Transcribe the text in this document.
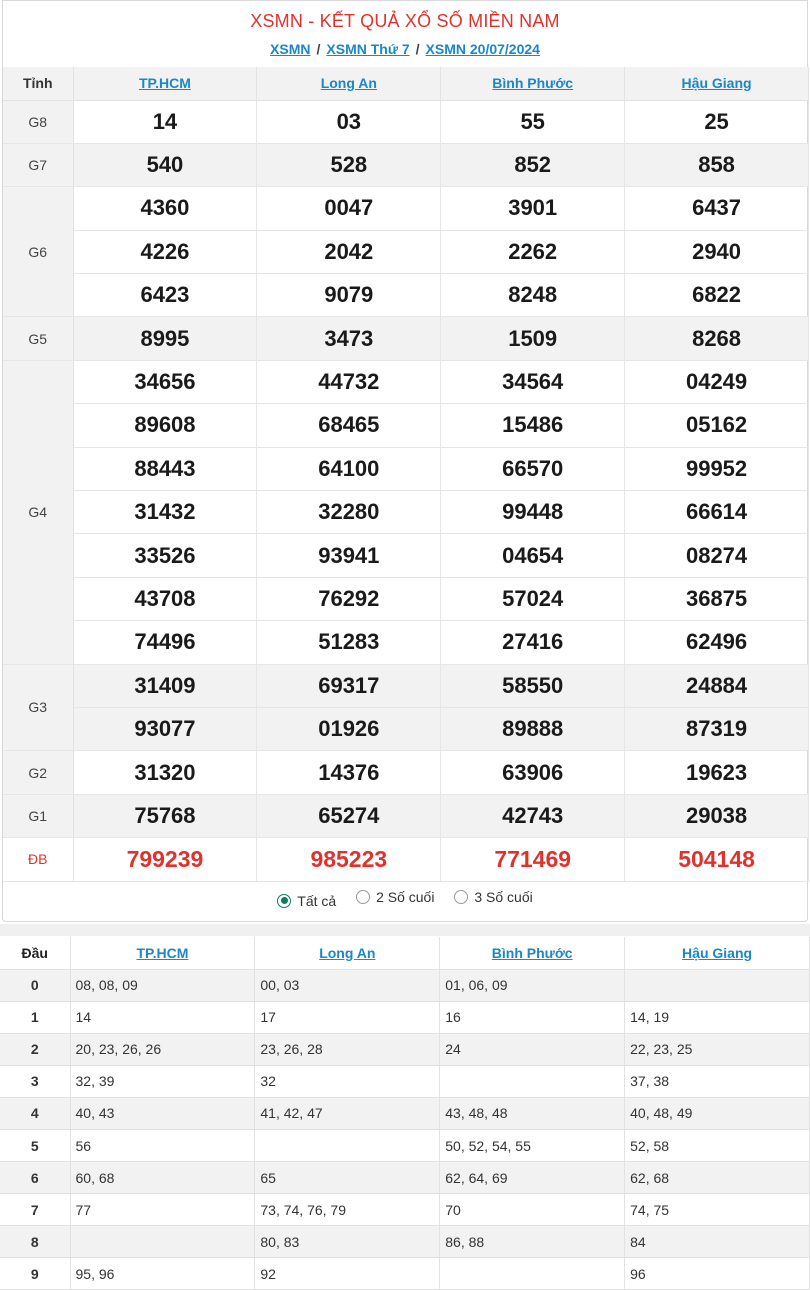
XSMN - KẾT QUẢ XỔ SỐ MIỀN NAM
XSMN / XSMN Thứ 7 / XSMN 20/07/2024
Tỉnh	TP.HCM	Long An	Bình Phước	Hậu Giang
G8	14	03	55	25
G7	540	528	852	858
G6	4360	0047	3901	6437
	4226	2042	2262	2940
	6423	9079	8248	6822
G5	8995	3473	1509	8268
G4	34656	44732	34564	04249
	89608	68465	15486	05162
	88443	64100	66570	99952
	31432	32280	99448	66614
	33526	93941	04654	08274
	43708	76292	57024	36875
	74496	51283	27416	62496
G3	31409	69317	58550	24884
	93077	01926	89888	87319
G2	31320	14376	63906	19623
G1	75768	65274	42743	29038
ĐB	799239	985223	771469	504148
Tất cả
	2 Số cuối
	3 Số cuối
Đầu	TP.HCM	Long An	Bình Phước	Hậu Giang
0	08, 08, 09	00, 03	01, 06, 09	
1	14	17	16	14, 19
2	20, 23, 26, 26	23, 26, 28	24	22, 23, 25
3	32, 39	32		37, 38
4	40, 43	41, 42, 47	43, 48, 48	40, 48, 49
5	56		50, 52, 54, 55	52, 58
6	60, 68	65	62, 64, 69	62, 68
7	77	73, 74, 76, 79	70	74, 75
8		80, 83	86, 88	84
9	95, 96	92		96
